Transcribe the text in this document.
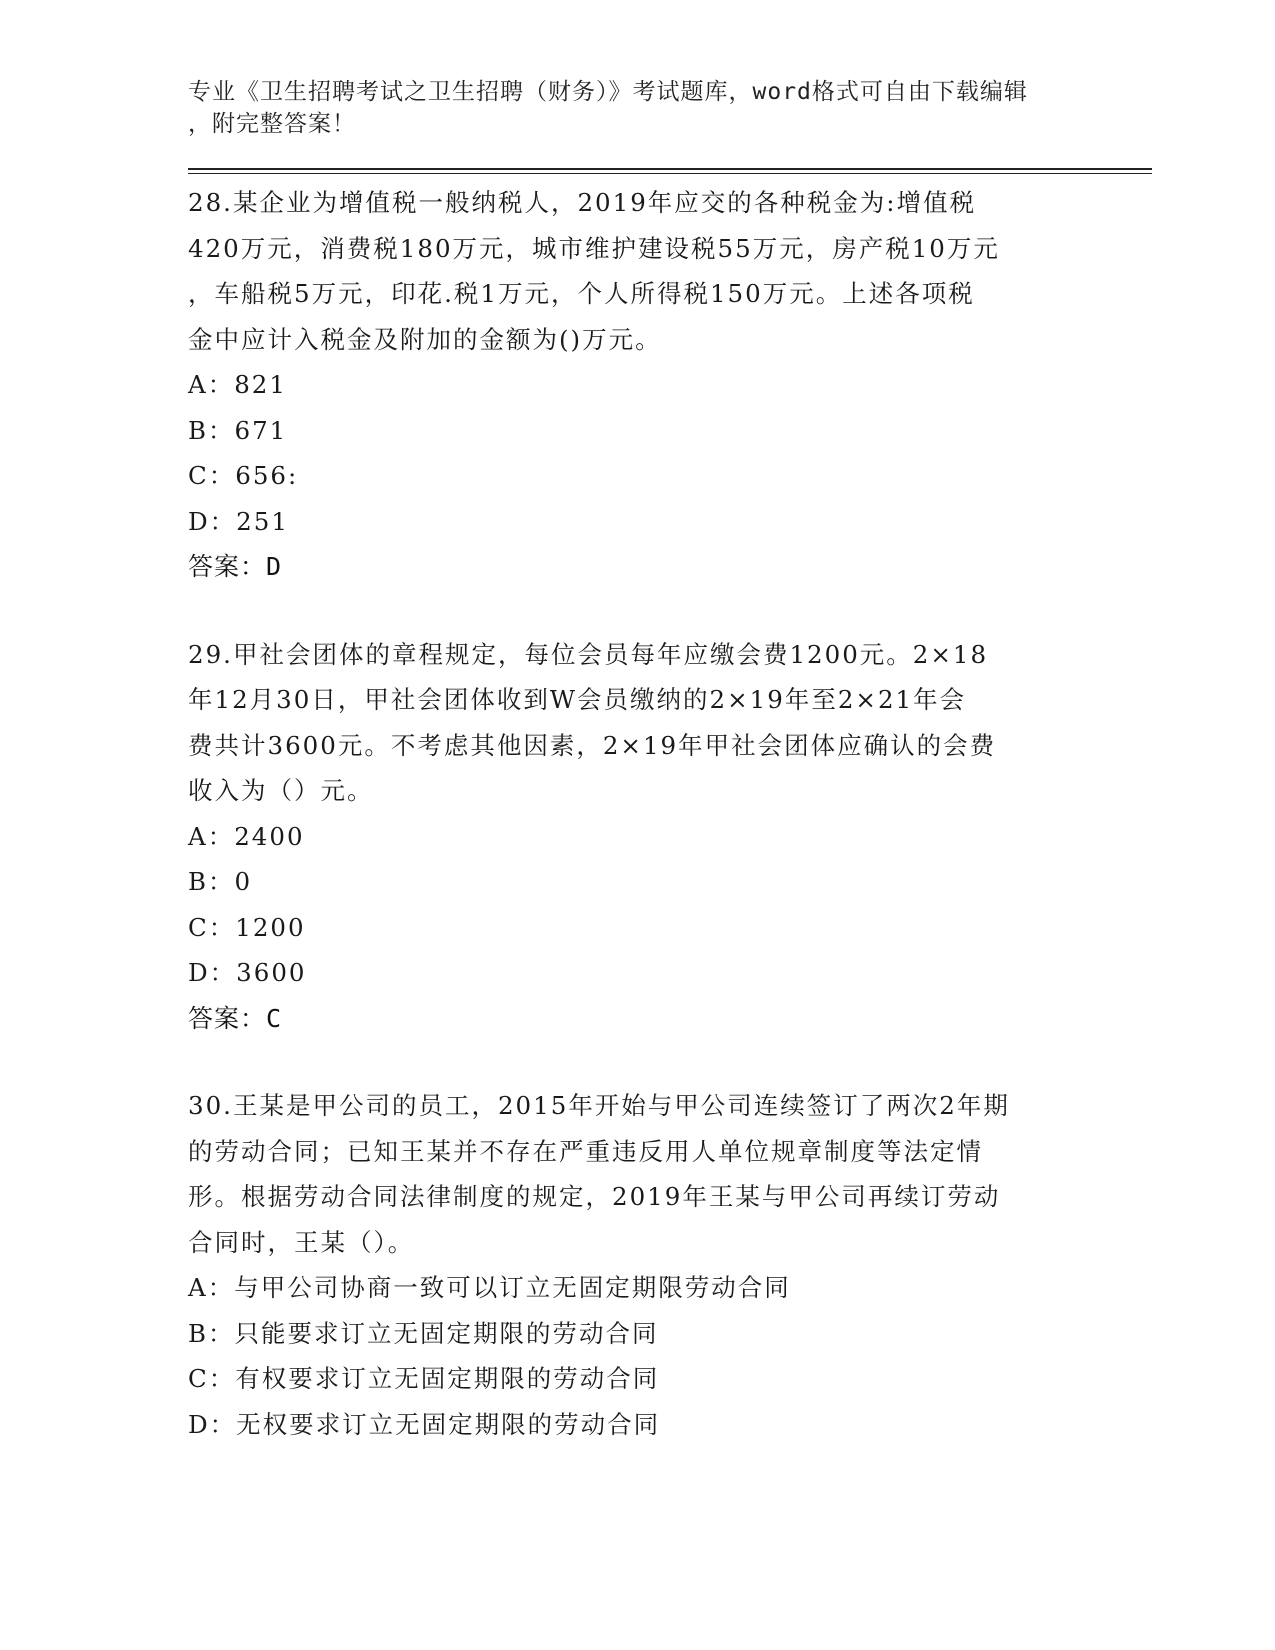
专业《卫生招聘考试之卫生招聘（财务）》考试题库，word格式可自由下载编辑
，附完整答案！
28.某企业为增值税一般纳税人，2019年应交的各种税金为:增值税
420万元，消费税180万元，城市维护建设税55万元，房产税10万元
，车船税5万元，印花.税1万元，个人所得税150万元。上述各项税
金中应计入税金及附加的金额为()万元。
A：821
B：671
C：656:
D：251
答案：D
29.甲社会团体的章程规定，每位会员每年应缴会费1200元。2×18
年12月30日，甲社会团体收到W会员缴纳的2×19年至2×21年会
费共计3600元。不考虑其他因素，2×19年甲社会团体应确认的会费
收入为（）元。
A：2400
B：0
C：1200
D：3600
答案：C
30.王某是甲公司的员工，2015年开始与甲公司连续签订了两次2年期
的劳动合同；已知王某并不存在严重违反用人单位规章制度等法定情
形。根据劳动合同法律制度的规定，2019年王某与甲公司再续订劳动
合同时，王某（）。
A：与甲公司协商一致可以订立无固定期限劳动合同
B：只能要求订立无固定期限的劳动合同
C：有权要求订立无固定期限的劳动合同
D：无权要求订立无固定期限的劳动合同
